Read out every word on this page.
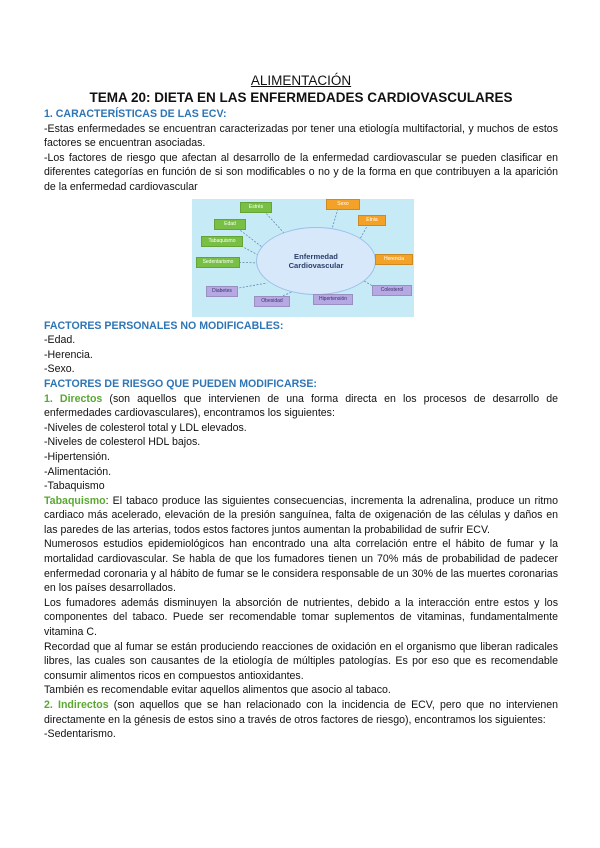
ALIMENTACIÓN
TEMA 20: DIETA EN LAS ENFERMEDADES CARDIOVASCULARES
1. CARACTERÍSTICAS DE LAS ECV:

-Estas enfermedades se encuentran caracterizadas por tener una etiología multifactorial, y muchos de estos factores se encuentran asociadas.

-Los factores de riesgo que afectan al desarrollo de la enfermedad cardiovascular se pueden clasificar en diferentes categorías en función de si son modificables o no y de la forma en que contribuyen a la aparición de la enfermedad cardiovascular

Enfermedad
Cardiovascular
Estrés
Edad
Tabaquismo
Sedentarismo
Sexo
Etnia
Herencia
Diabetes
Obesidad	Hipertensión
Colesterol
FACTORES PERSONALES NO MODIFICABLES:
-Edad.
-Herencia.
-Sexo.
FACTORES DE RIESGO QUE PUEDEN MODIFICARSE:

1. Directos (son aquellos que intervienen de una forma directa en los procesos de desarrollo de enfermedades cardiovasculares), encontramos los siguientes:

-Niveles de colesterol total y LDL elevados.
-Niveles de colesterol HDL bajos.
-Hipertensión.
-Alimentación.
-Tabaquismo

Tabaquismo: El tabaco produce las siguientes consecuencias, incrementa la adrenalina, produce un ritmo cardiaco más acelerado, elevación de la presión sanguínea, falta de oxigenación de las células y daños en las paredes de las arterias, todos estos factores juntos aumentan la probabilidad de sufrir ECV.

Numerosos estudios epidemiológicos han encontrado una alta correlación entre el hábito de fumar y la mortalidad cardiovascular. Se habla de que los fumadores tienen un 70% más de probabilidad de padecer enfermedad coronaria y al hábito de fumar se le considera responsable de un 30% de las muertes coronarias en los países desarrollados.

Los fumadores además disminuyen la absorción de nutrientes, debido a la interacción entre estos y los componentes del tabaco. Puede ser recomendable tomar suplementos de vitaminas, fundamentalmente vitamina C.

Recordad que al fumar se están produciendo reacciones de oxidación en el organismo que liberan radicales libres, las cuales son causantes de la etiología de múltiples patologías. Es por eso que es recomendable consumir alimentos ricos en compuestos antioxidantes.

También es recomendable evitar aquellos alimentos que asocio al tabaco.

2. Indirectos (son aquellos que se han relacionado con la incidencia de ECV, pero que no intervienen directamente en la génesis de estos sino a través de otros factores de riesgo), encontramos los siguientes:

-Sedentarismo.
